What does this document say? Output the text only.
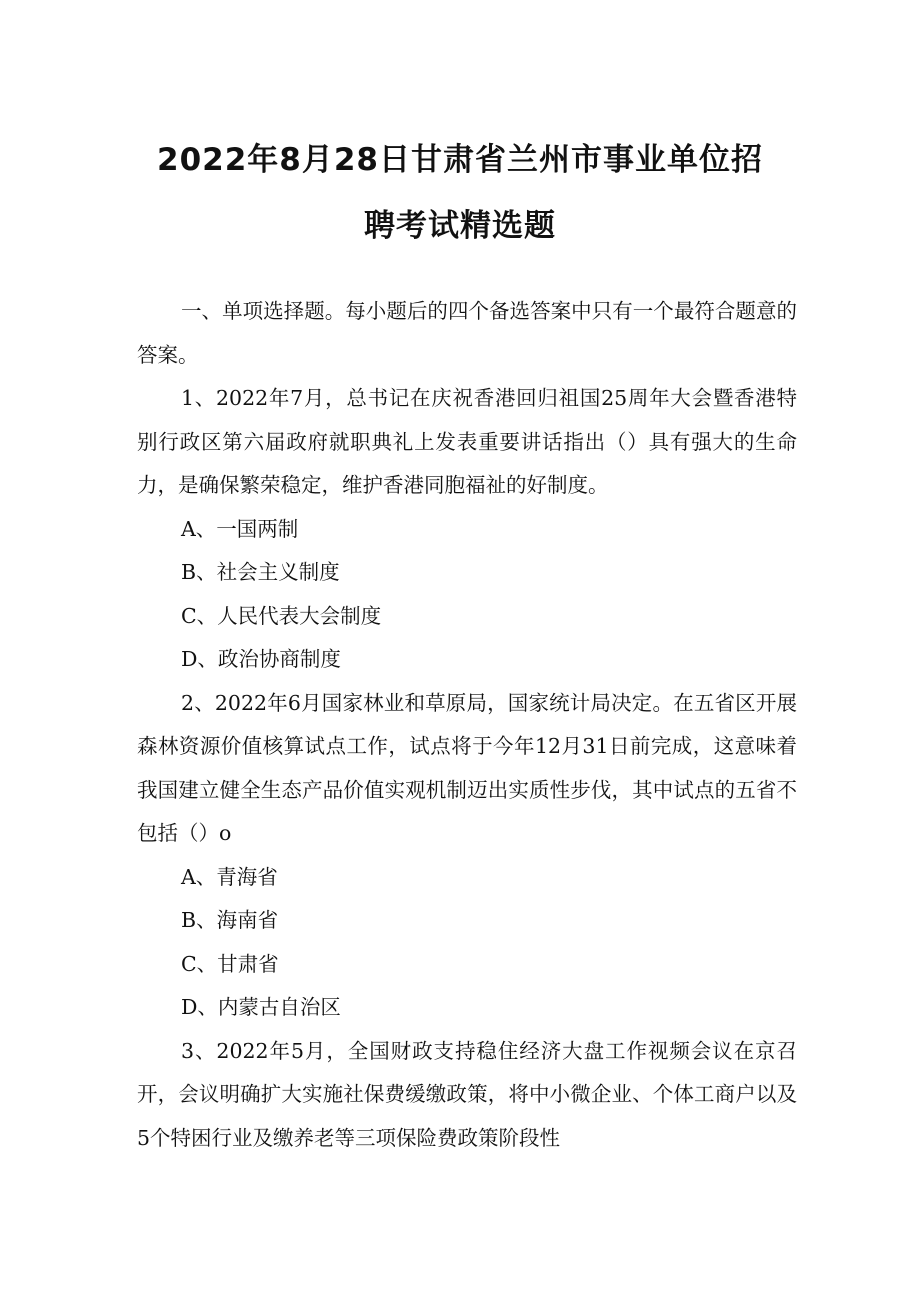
2022年8月28日甘肃省兰州市事业单位招
聘考试精选题

一、单项选择题。每小题后的四个备选答案中只有一个最符合题意的答案。

1、2022年7月，总书记在庆祝香港回归祖国25周年大会暨香港特别行政区第六届政府就职典礼上发表重要讲话指出（）具有强大的生命力，是确保繁荣稳定，维护香港同胞福祉的好制度。

A、一国两制

B、社会主义制度

C、人民代表大会制度

D、政治协商制度

2、2022年6月国家林业和草原局，国家统计局决定。在五省区开展森林资源价值核算试点工作，试点将于今年12月31日前完成，这意味着我国建立健全生态产品价值实观机制迈出实质性步伐，其中试点的五省不包括（）o

A、青海省

B、海南省

C、甘肃省

D、内蒙古自治区

3、2022年5月，全国财政支持稳住经济大盘工作视频会议在京召开，会议明确扩大实施社保费缓缴政策，将中小微企业、个体工商户以及5个特困行业及缴养老等三项保险费政策阶段性
